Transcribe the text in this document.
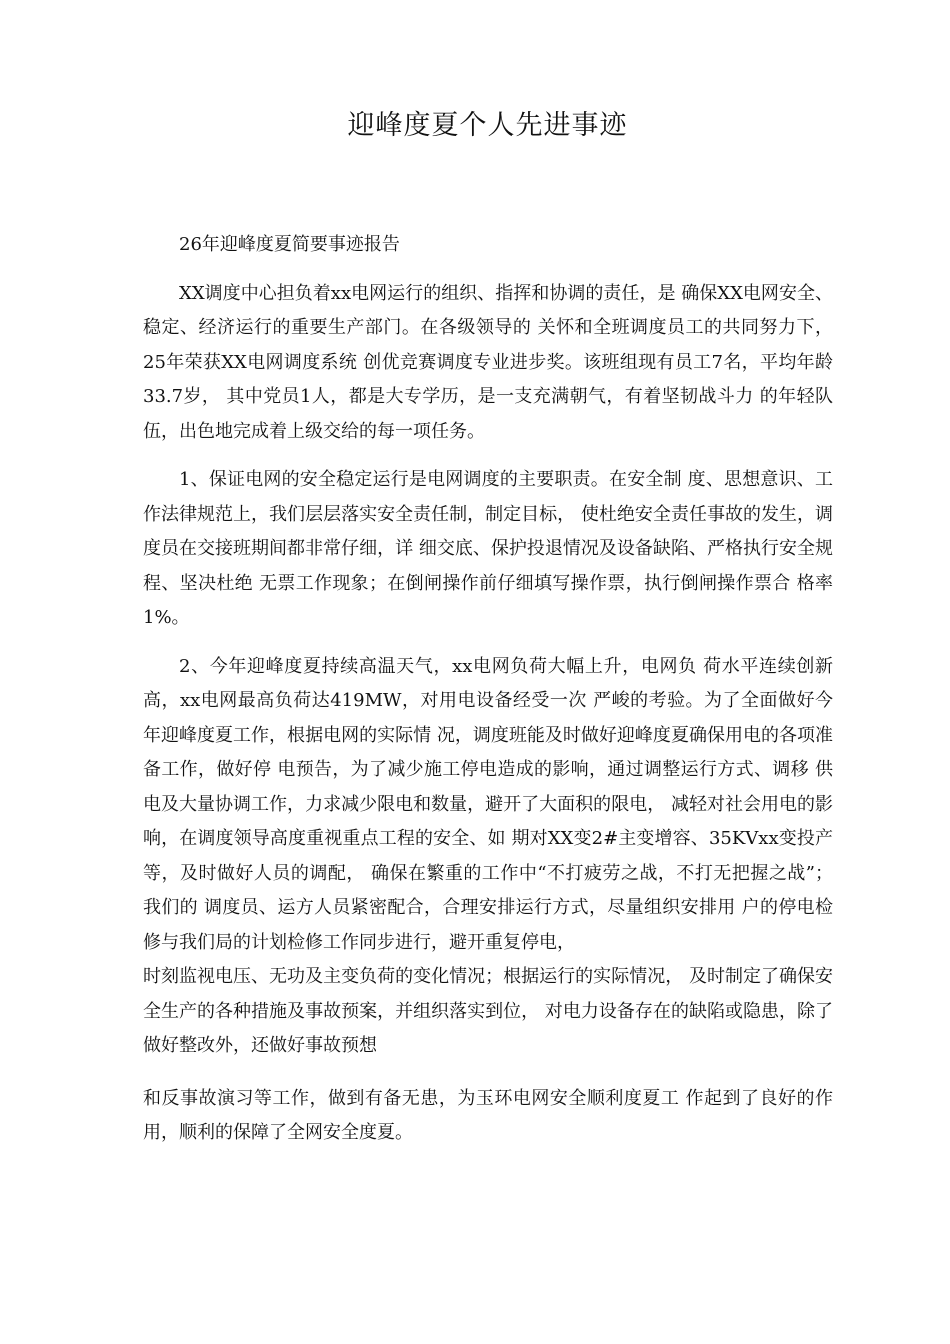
迎峰度夏个人先进事迹

26年迎峰度夏简要事迹报告

XX调度中心担负着xx电网运行的组织、指挥和协调的责任，是 确保XX电网安全、稳定、经济运行的重要生产部门。在各级领导的 关怀和全班调度员工的共同努力下，25年荣获XX电网调度系统 创优竞赛调度专业进步奖。该班组现有员工7名，平均年龄33.7岁， 其中党员1人，都是大专学历，是一支充满朝气，有着坚韧战斗力 的年轻队伍，出色地完成着上级交给的每一项任务。

1、保证电网的安全稳定运行是电网调度的主要职责。在安全制 度、思想意识、工作法律规范上，我们层层落实安全责任制，制定目标， 使杜绝安全责任事故的发生，调度员在交接班期间都非常仔细，详 细交底、保护投退情况及设备缺陷、严格执行安全规程、坚决杜绝 无票工作现象；在倒闸操作前仔细填写操作票，执行倒闸操作票合 格率1%。

2、今年迎峰度夏持续高温天气，xx电网负荷大幅上升，电网负 荷水平连续创新高，xx电网最高负荷达419MW，对用电设备经受一次 严峻的考验。为了全面做好今年迎峰度夏工作，根据电网的实际情 况，调度班能及时做好迎峰度夏确保用电的各项准备工作，做好停 电预告，为了减少施工停电造成的影响，通过调整运行方式、调移 供电及大量协调工作，力求减少限电和数量，避开了大面积的限电， 减轻对社会用电的影响，在调度领导高度重视重点工程的安全、如 期对XX变2#主变增容、35KVxx变投产等，及时做好人员的调配， 确保在繁重的工作中“不打疲劳之战，不打无把握之战”；我们的 调度员、运方人员紧密配合，合理安排运行方式，尽量组织安排用 户的停电检修与我们局的计划检修工作同步进行，避开重复停电，

时刻监视电压、无功及主变负荷的变化情况；根据运行的实际情况， 及时制定了确保安全生产的各种措施及事故预案，并组织落实到位， 对电力设备存在的缺陷或隐患，除了做好整改外，还做好事故预想

和反事故演习等工作，做到有备无患，为玉环电网安全顺利度夏工 作起到了良好的作用，顺利的保障了全网安全度夏。
